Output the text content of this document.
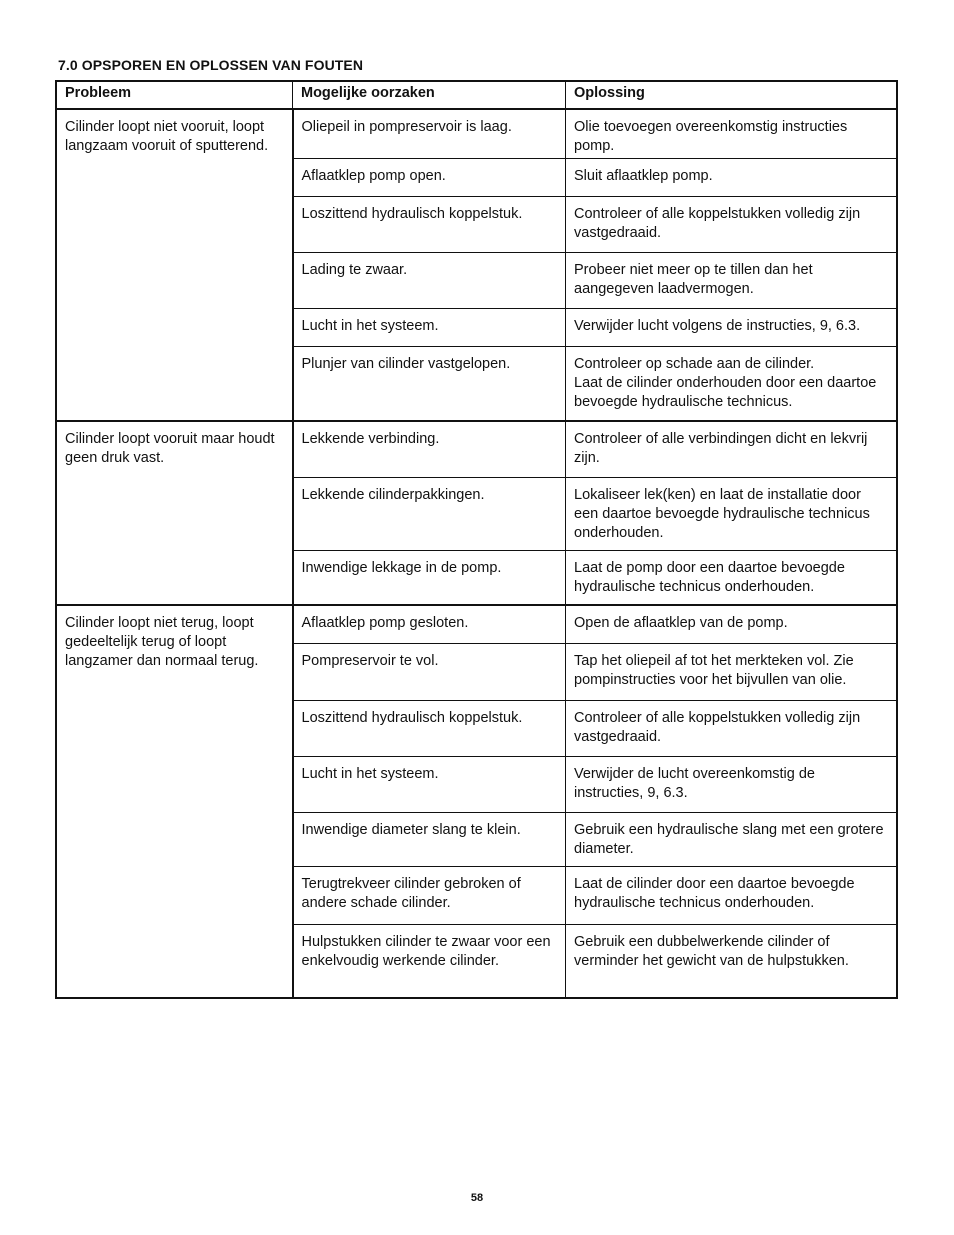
7.0 OPSPOREN EN OPLOSSEN VAN FOUTEN
Probleem	Mogelijke oorzaken	Oplossing
Cilinder loopt niet vooruit, loopt langzaam vooruit of sputterend.	Oliepeil in pompreservoir is laag.	Olie toevoegen overeenkomstig instructies pomp.
	Aflaatklep pomp open.	Sluit aflaatklep pomp.
	Loszittend hydraulisch koppelstuk.	Controleer of alle koppelstukken volledig zijn vastgedraaid.
	Lading te zwaar.	Probeer niet meer op te tillen dan het aangegeven laadvermogen.
	Lucht in het systeem.	Verwijder lucht volgens de instructies, 9, 6.3.
	Plunjer van cilinder vastgelopen.	Controleer op schade aan de cilinder.
Laat de cilinder onderhouden door een daartoe bevoegde hydraulische technicus.
Cilinder loopt vooruit maar houdt geen druk vast.	Lekkende verbinding.	Controleer of alle verbindingen dicht en lekvrij zijn.
	Lekkende cilinderpakkingen.	Lokaliseer lek(ken) en laat de installatie door een daartoe bevoegde hydraulische technicus onderhouden.
	Inwendige lekkage in de pomp.	Laat de pomp door een daartoe bevoegde hydraulische technicus onderhouden.
Cilinder loopt niet terug, loopt gedeeltelijk terug of loopt langzamer dan normaal terug.	Aflaatklep pomp gesloten.	Open de aflaatklep van de pomp.
	Pompreservoir te vol.	Tap het oliepeil af tot het merkteken vol. Zie pompinstructies voor het bijvullen van olie.
	Loszittend hydraulisch koppelstuk.	Controleer of alle koppelstukken volledig zijn vastgedraaid.
	Lucht in het systeem.	Verwijder de lucht overeenkomstig de instructies, 9, 6.3.
	Inwendige diameter slang te klein.	Gebruik een hydraulische slang met een grotere diameter.
	Terugtrekveer cilinder gebroken of andere schade cilinder.	Laat de cilinder door een daartoe bevoegde hydraulische technicus onderhouden.
	Hulpstukken cilinder te zwaar voor een enkelvoudig werkende cilinder.	Gebruik een dubbelwerkende cilinder of verminder het gewicht van de hulpstukken.
58
